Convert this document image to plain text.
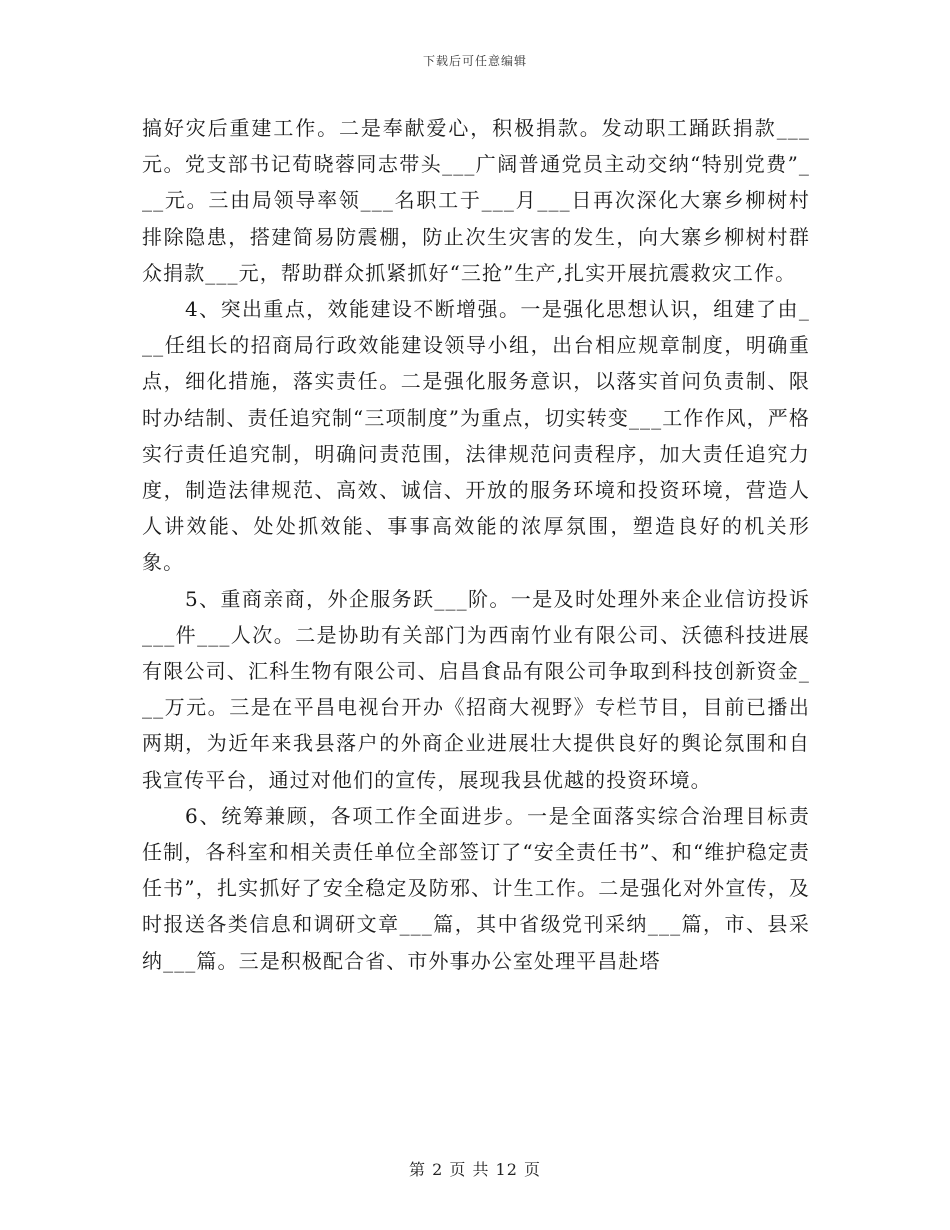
下载后可任意编辑

搞好灾后重建工作。二是奉献爱心，积极捐款。发动职工踊跃捐款___元。党支部书记荀晓蓉同志带头___广阔普通党员主动交纳“特别党费”___元。三由局领导率领___名职工于___月___日再次深化大寨乡柳树村排除隐患，搭建简易防震棚，防止次生灾害的发生，向大寨乡柳树村群众捐款___元，帮助群众抓紧抓好“三抢”生产,扎实开展抗震救灾工作。

4、突出重点，效能建设不断增强。一是强化思想认识，组建了由___任组长的招商局行政效能建设领导小组，出台相应规章制度，明确重点，细化措施，落实责任。二是强化服务意识，以落实首问负责制、限时办结制、责任追究制“三项制度”为重点，切实转变___工作作风，严格实行责任追究制，明确问责范围，法律规范问责程序，加大责任追究力度，制造法律规范、高效、诚信、开放的服务环境和投资环境，营造人人讲效能、处处抓效能、事事高效能的浓厚氛围，塑造良好的机关形象。

5、重商亲商，外企服务跃___阶。一是及时处理外来企业信访投诉___件___人次。二是协助有关部门为西南竹业有限公司、沃德科技进展有限公司、汇科生物有限公司、启昌食品有限公司争取到科技创新资金___万元。三是在平昌电视台开办《招商大视野》专栏节目，目前已播出两期，为近年来我县落户的外商企业进展壮大提供良好的舆论氛围和自我宣传平台，通过对他们的宣传，展现我县优越的投资环境。

6、统筹兼顾，各项工作全面进步。一是全面落实综合治理目标责任制，各科室和相关责任单位全部签订了“安全责任书”、和“维护稳定责任书”，扎实抓好了安全稳定及防邪、计生工作。二是强化对外宣传，及时报送各类信息和调研文章___篇，其中省级党刊采纳___篇，市、县采纳___篇。三是积极配合省、市外事办公室处理平昌赴塔

第 2 页 共 12 页
